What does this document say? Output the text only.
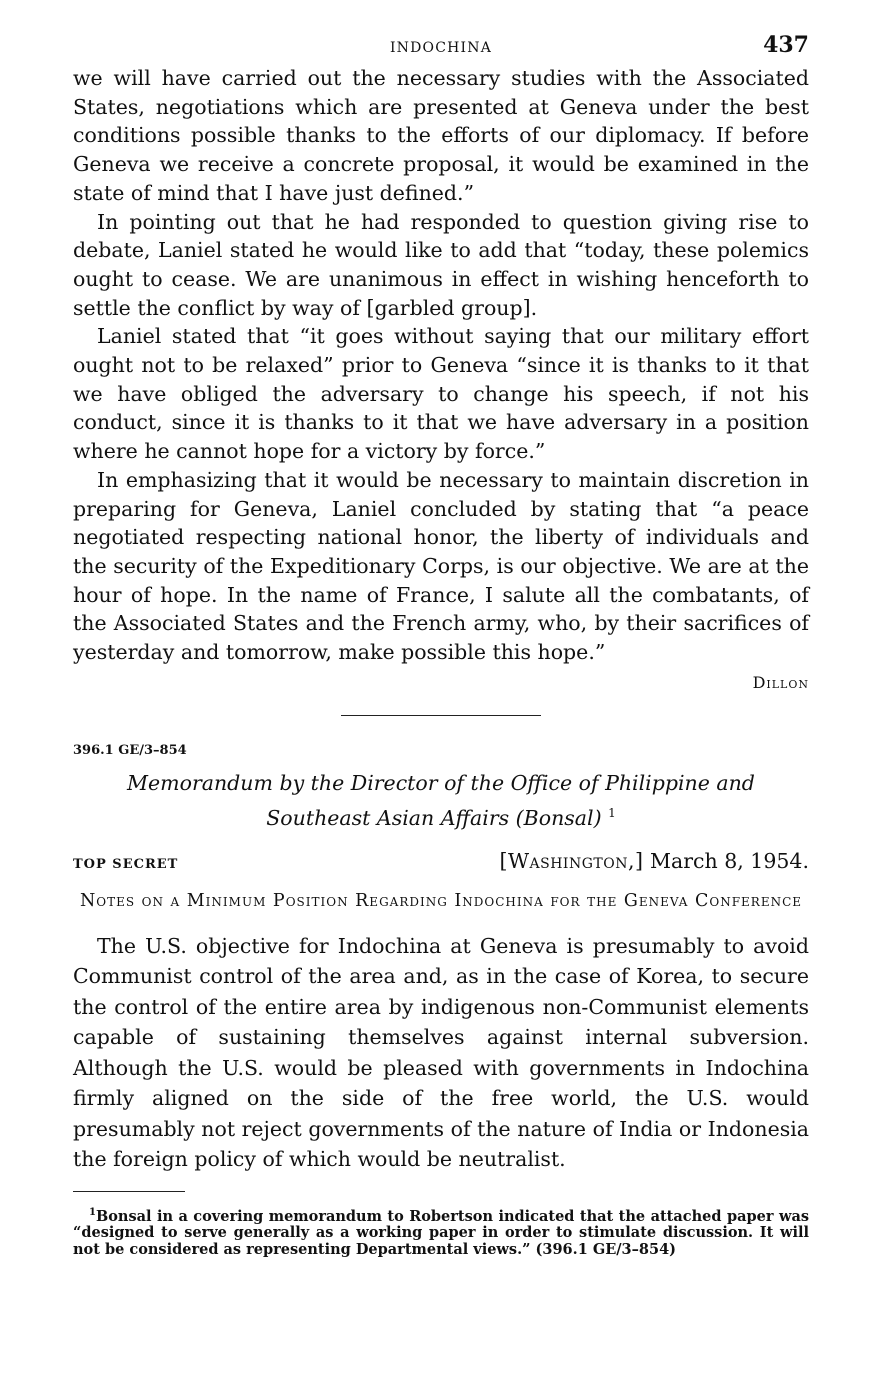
INDOCHINA	437

we will have carried out the necessary studies with the Associated States, negotiations which are presented at Geneva under the best conditions possible thanks to the efforts of our diplomacy. If before Geneva we receive a concrete proposal, it would be examined in the state of mind that I have just defined.”

In pointing out that he had responded to question giving rise to debate, Laniel stated he would like to add that “today, these polemics ought to cease. We are unanimous in effect in wishing henceforth to settle the conflict by way of [garbled group].

Laniel stated that “it goes without saying that our military effort ought not to be relaxed” prior to Geneva “since it is thanks to it that we have obliged the adversary to change his speech, if not his conduct, since it is thanks to it that we have adversary in a position where he cannot hope for a victory by force.”

In emphasizing that it would be necessary to maintain discretion in preparing for Geneva, Laniel concluded by stating that “a peace negotiated respecting national honor, the liberty of individuals and the security of the Expeditionary Corps, is our objective. We are at the hour of hope. In the name of France, I salute all the combatants, of the Associated States and the French army, who, by their sacrifices of yesterday and tomorrow, make possible this hope.”

Dillon
396.1 GE/3–854
Memorandum by the Director of the Office of Philippine and Southeast Asian Affairs (Bonsal) $^1$
TOP SECRET	[Washington,] March 8, 1954.
Notes on a Minimum Position Regarding Indochina for the Geneva Conference

The U.S. objective for Indochina at Geneva is presumably to avoid Communist control of the area and, as in the case of Korea, to secure the control of the entire area by indigenous non-Communist elements capable of sustaining themselves against internal subversion. Although the U.S. would be pleased with governments in Indochina firmly aligned on the side of the free world, the U.S. would presumably not reject governments of the nature of India or Indonesia the foreign policy of which would be neutralist.

$^1$Bonsal in a covering memorandum to Robertson indicated that the attached paper was “designed to serve generally as a working paper in order to stimulate discussion. It will not be considered as representing Departmental views.” (396.1 GE/3–854)
